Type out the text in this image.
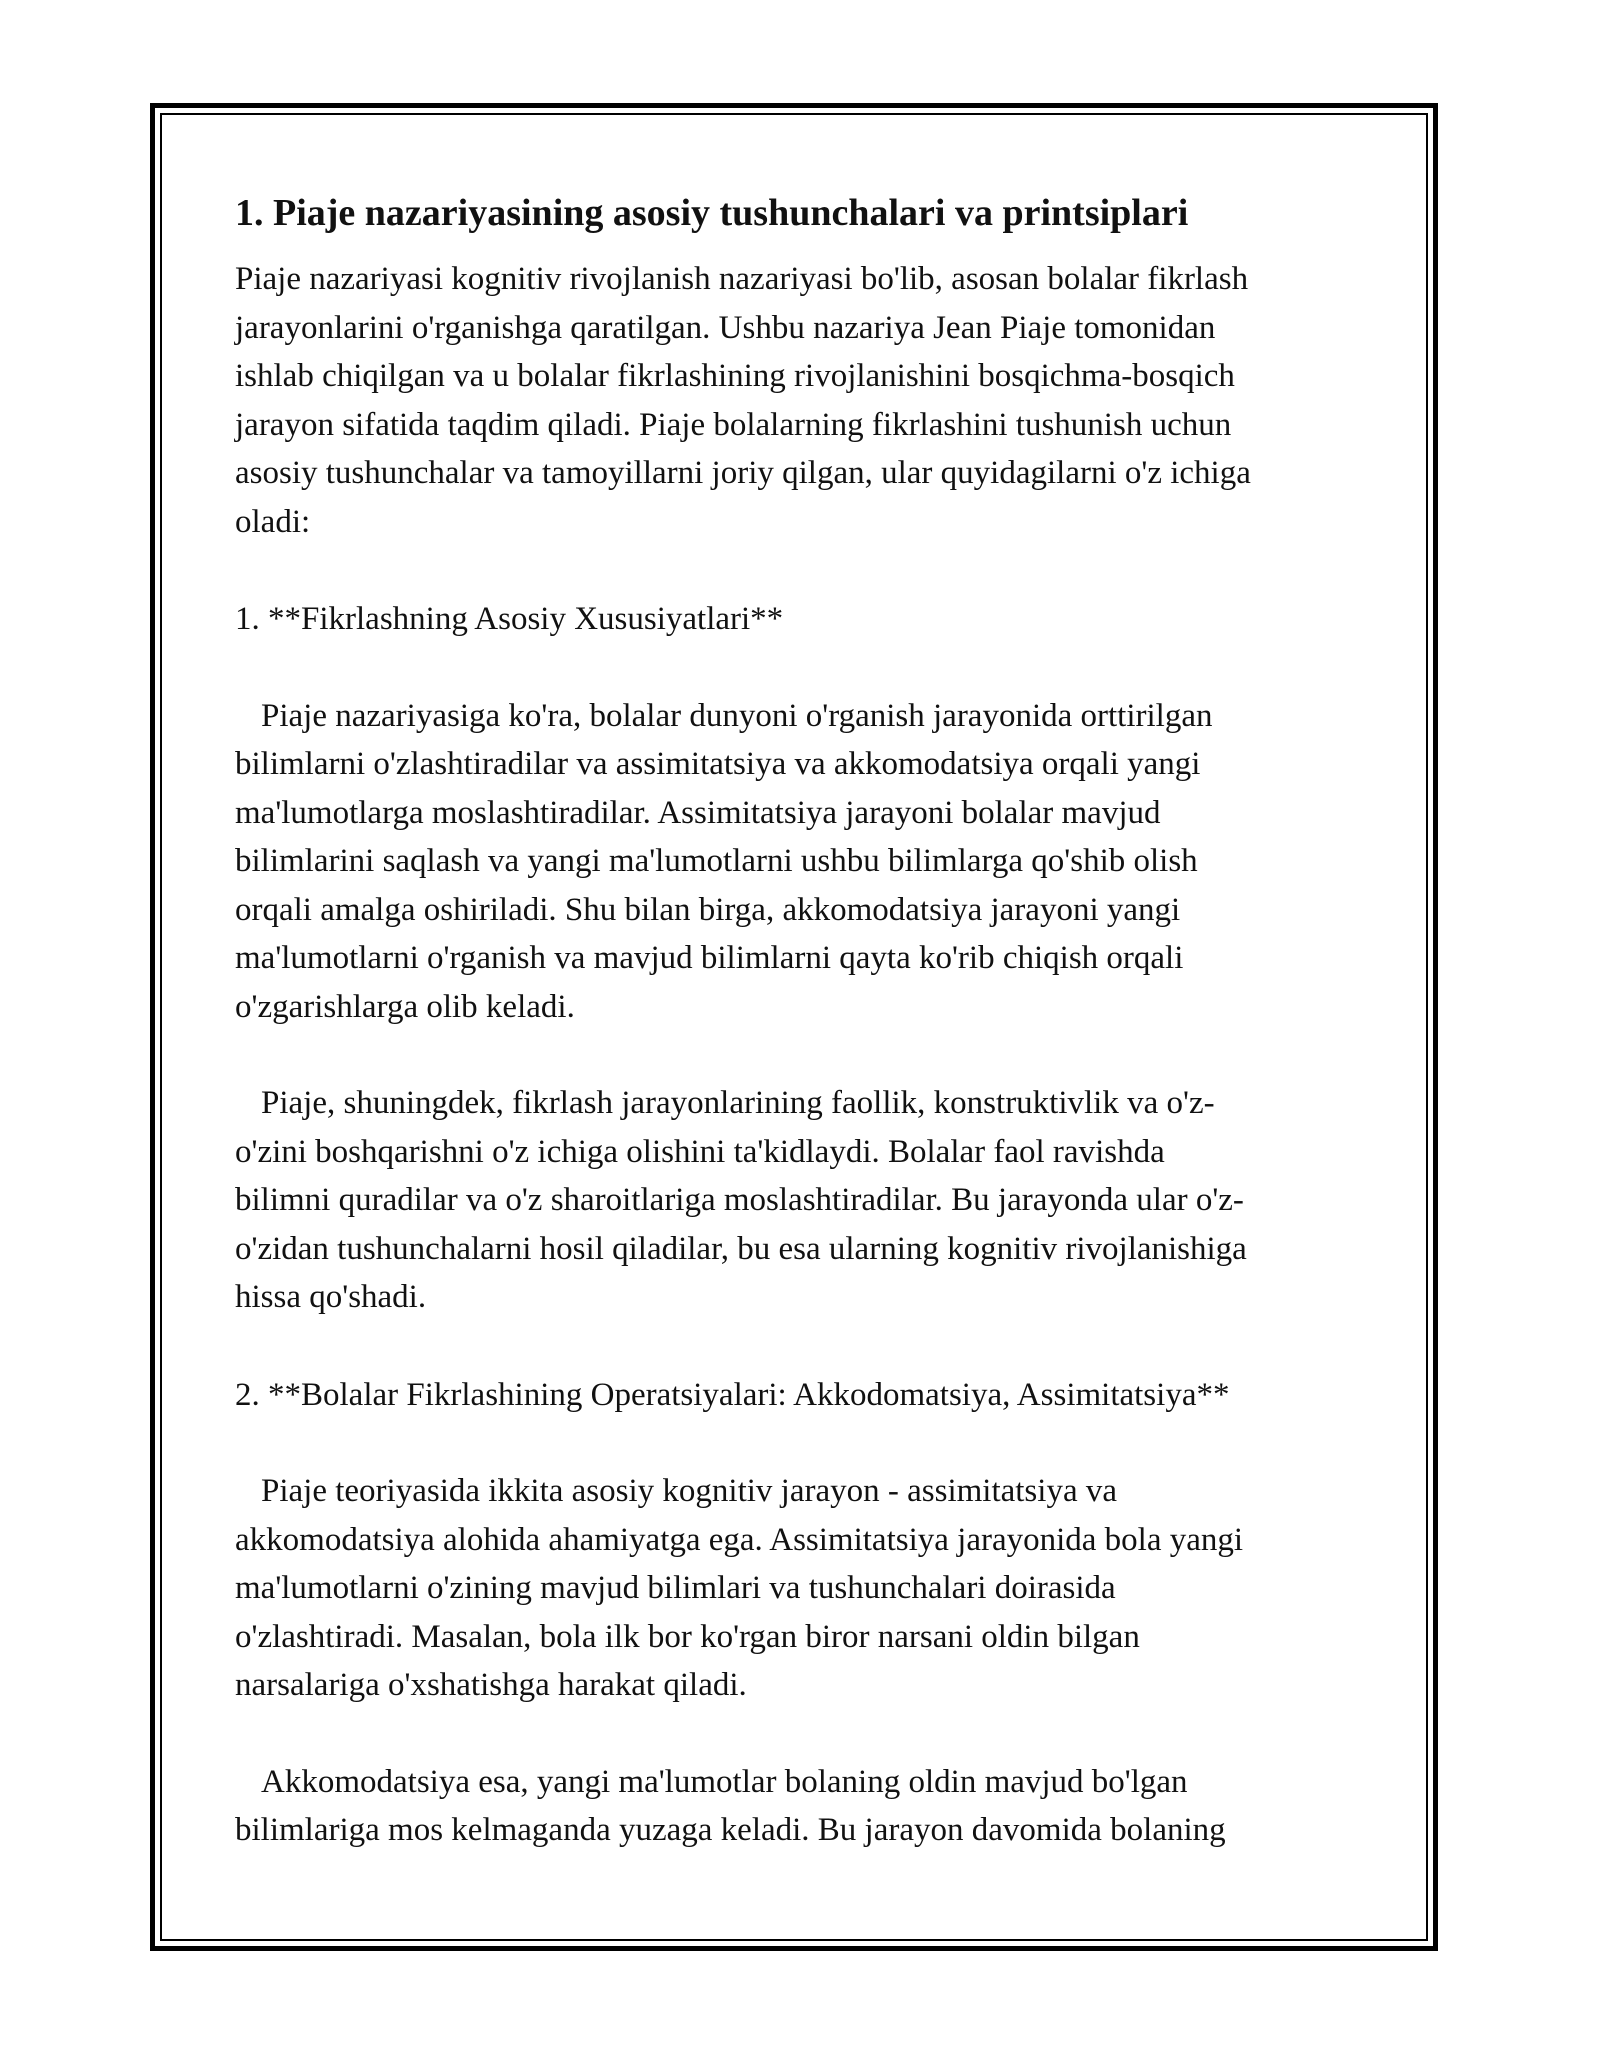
1. Piaje nazariyasining asosiy tushunchalari va printsiplari

Piaje nazariyasi kognitiv rivojlanish nazariyasi bo'lib, asosan bolalar fikrlash
jarayonlarini o'rganishga qaratilgan. Ushbu nazariya Jean Piaje tomonidan
ishlab chiqilgan va u bolalar fikrlashining rivojlanishini bosqichma-bosqich
jarayon sifatida taqdim qiladi. Piaje bolalarning fikrlashini tushunish uchun
asosiy tushunchalar va tamoyillarni joriy qilgan, ular quyidagilarni o'z ichiga
oladi:

1. **Fikrlashning Asosiy Xususiyatlari**

Piaje nazariyasiga ko'ra, bolalar dunyoni o'rganish jarayonida orttirilgan
bilimlarni o'zlashtiradilar va assimitatsiya va akkomodatsiya orqali yangi
ma'lumotlarga moslashtiradilar. Assimitatsiya jarayoni bolalar mavjud
bilimlarini saqlash va yangi ma'lumotlarni ushbu bilimlarga qo'shib olish
orqali amalga oshiriladi. Shu bilan birga, akkomodatsiya jarayoni yangi
ma'lumotlarni o'rganish va mavjud bilimlarni qayta ko'rib chiqish orqali
o'zgarishlarga olib keladi.

Piaje, shuningdek, fikrlash jarayonlarining faollik, konstruktivlik va o'z-
o'zini boshqarishni o'z ichiga olishini ta'kidlaydi. Bolalar faol ravishda
bilimni quradilar va o'z sharoitlariga moslashtiradilar. Bu jarayonda ular o'z-
o'zidan tushunchalarni hosil qiladilar, bu esa ularning kognitiv rivojlanishiga
hissa qo'shadi.

2. **Bolalar Fikrlashining Operatsiyalari: Akkodomatsiya, Assimitatsiya**

Piaje teoriyasida ikkita asosiy kognitiv jarayon - assimitatsiya va
akkomodatsiya alohida ahamiyatga ega. Assimitatsiya jarayonida bola yangi
ma'lumotlarni o'zining mavjud bilimlari va tushunchalari doirasida
o'zlashtiradi. Masalan, bola ilk bor ko'rgan biror narsani oldin bilgan
narsalariga o'xshatishga harakat qiladi.

Akkomodatsiya esa, yangi ma'lumotlar bolaning oldin mavjud bo'lgan
bilimlariga mos kelmaganda yuzaga keladi. Bu jarayon davomida bolaning
